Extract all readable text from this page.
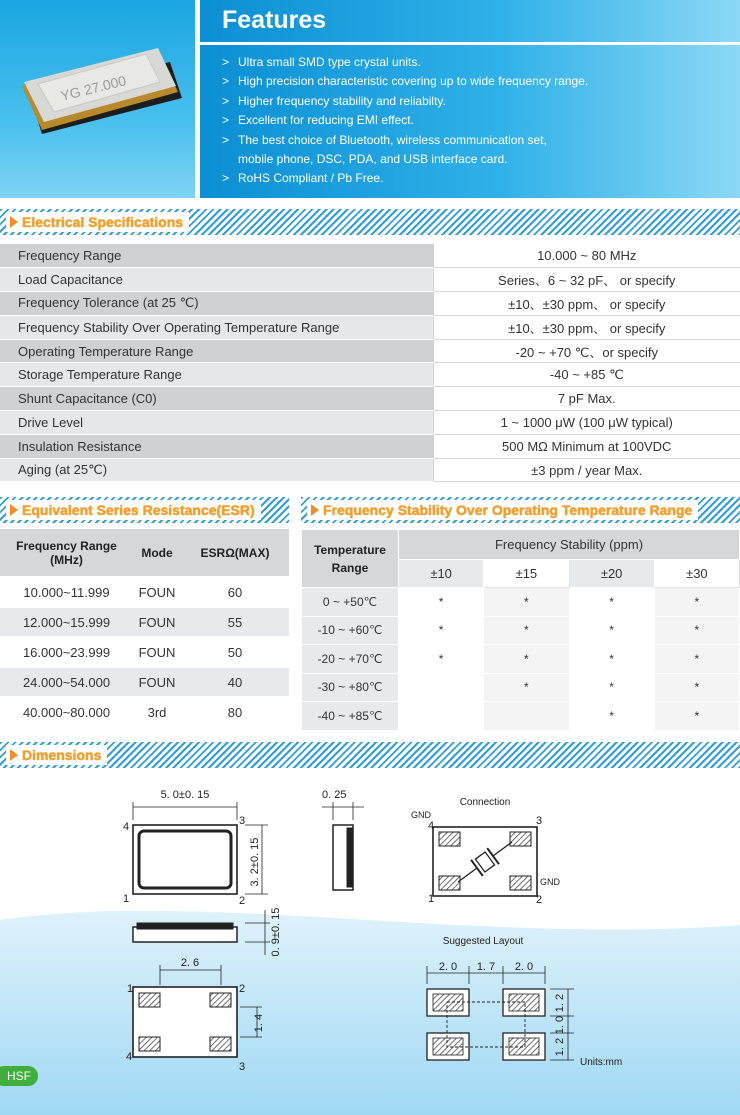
YG 27.000
Features
> Ultra small SMD type crystal units.
> High precision characteristic covering up to wide frequency range.
> Higher frequency stability and reliabilty.
> Excellent for reducing EMI effect.
> The best choice of Bluetooth, wireless communication set,
mobile phone, DSC, PDA, and USB interface card.
> RoHS Compliant / Pb Free.
Electrical Specifications
Frequency Range	10.000 ~ 80 MHz
Load Capacitance	Series、6 ~ 32 pF、 or specify
Frequency Tolerance (at 25 ℃)	±10、±30 ppm、 or specify
Frequency Stability Over Operating Temperature Range	±10、±30 ppm、 or specify
Operating Temperature Range	-20 ~ +70 ℃、or specify
Storage Temperature Range	-40 ~ +85 ℃
Shunt Capacitance (C0)	7 pF Max.
Drive Level	1 ~ 1000 μW (100 μW typical)
Insulation Resistance	500 MΩ Minimum at 100VDC
Aging (at 25℃)	±3 ppm / year Max.
Equivalent Series Resistance(ESR)
Frequency Range
(MHz)	Mode	ESRΩ(MAX)
10.000~11.999	FOUN	60
12.000~15.999	FOUN	55
16.000~23.999	FOUN	50
24.000~54.000	FOUN	40
40.000~80.000	3rd	80
Frequency Stability Over Operating Temperature Range
Temperature
Range	Frequency Stability (ppm)			
	±10	±15	±20	±30
0 ~ +50℃	*	*	*	*
-10 ~ +60℃	*	*	*	*
-20 ~ +70℃	*	*	*	*
-30 ~ +80℃		*	*	*
-40 ~ +85℃			*	*
Dimensions
5. 0±0. 15
3. 2±0. 15
4	3
1	2
0. 25
0. 9±0. 15
2. 6
1. 4
1	2
4
3
Connection
GND
4	3
GND
1	2
Suggested Layout
2. 0 1. 7 2. 0
1. 2
1. 0
1. 2
Units:mm
HSF
